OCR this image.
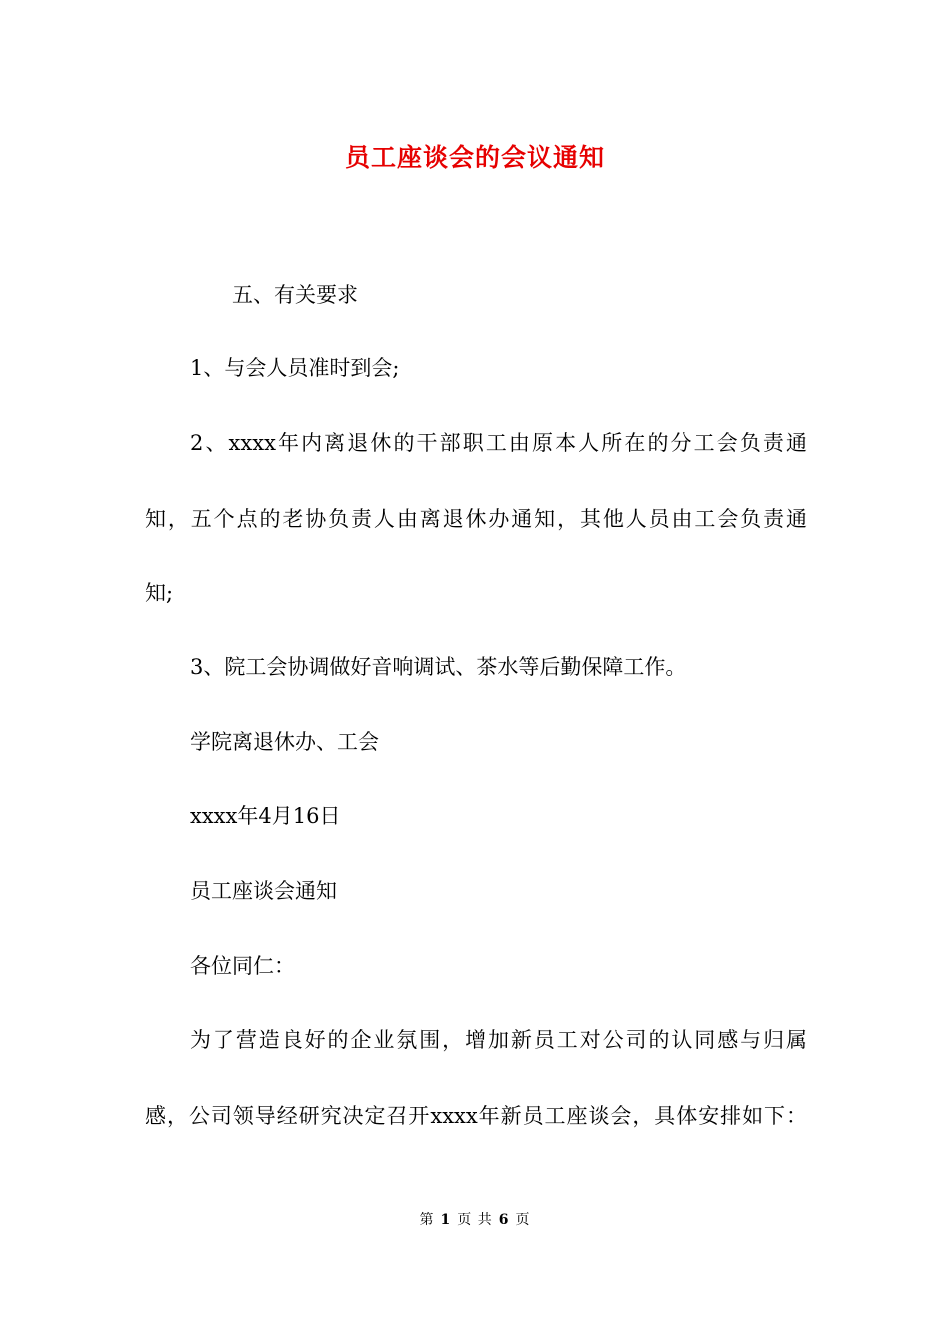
员工座谈会的会议通知
五、有关要求
1、与会人员准时到会;
2、xxxx年内离退休的干部职工由原本人所在的分工会负责通
知，五个点的老协负责人由离退休办通知，其他人员由工会负责通
知;
3、院工会协调做好音响调试、茶水等后勤保障工作。
学院离退休办、工会
xxxx年4月16日
员工座谈会通知
各位同仁：
为了营造良好的企业氛围，增加新员工对公司的认同感与归属
感，公司领导经研究决定召开xxxx年新员工座谈会，具体安排如下：
第 1 页 共 6 页
